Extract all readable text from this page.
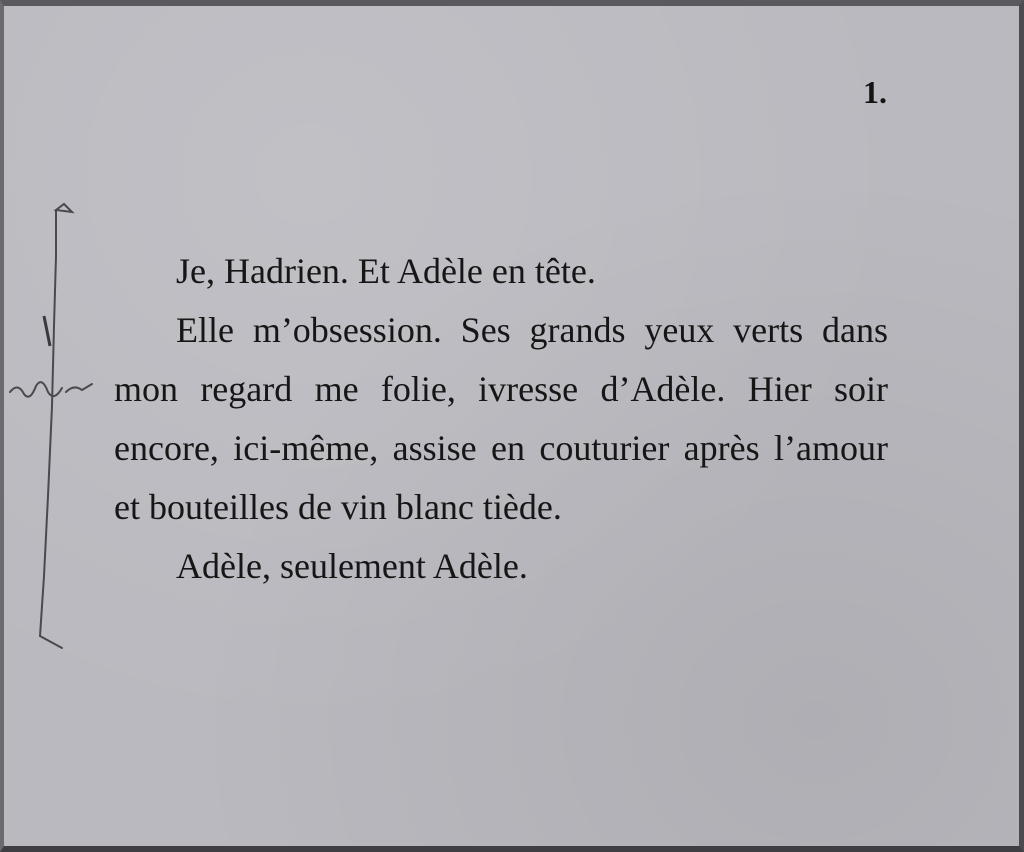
1.

Je, Hadrien. Et Adèle en tête.

Elle m’obsession. Ses grands yeux verts dans mon regard me folie, ivresse d’Adèle. Hier soir encore, ici-même, assise en couturier après l’amour et bouteilles de vin blanc tiède.

Adèle, seulement Adèle.
